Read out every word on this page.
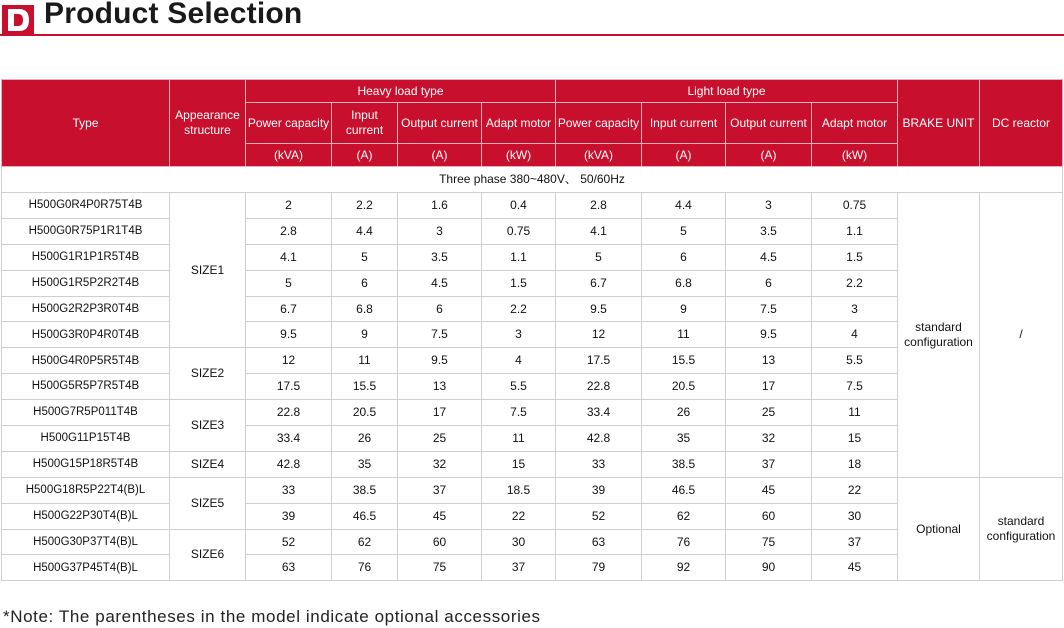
Product Selection
Type	Appearance structure	Heavy load type				Light load type				BRAKE UNIT	DC reactor
		Power capacity	Input current	Output current	Adapt motor	Power capacity	Input current	Output current	Adapt motor		
		(kVA)	(A)	(A)	(kW)	(kVA)	(A)	(A)	(kW)		
Three phase 380~480V、 50/60Hz											
H500G0R4P0R75T4B	SIZE1	2	2.2	1.6	0.4	2.8	4.4	3	0.75	standard configuration	/
H500G0R75P1R1T4B		2.8	4.4	3	0.75	4.1	5	3.5	1.1		
H500G1R1P1R5T4B		4.1	5	3.5	1.1	5	6	4.5	1.5		
H500G1R5P2R2T4B		5	6	4.5	1.5	6.7	6.8	6	2.2		
H500G2R2P3R0T4B		6.7	6.8	6	2.2	9.5	9	7.5	3		
H500G3R0P4R0T4B		9.5	9	7.5	3	12	11	9.5	4		
H500G4R0P5R5T4B	SIZE2	12	11	9.5	4	17.5	15.5	13	5.5		
H500G5R5P7R5T4B		17.5	15.5	13	5.5	22.8	20.5	17	7.5		
H500G7R5P011T4B	SIZE3	22.8	20.5	17	7.5	33.4	26	25	11		
H500G11P15T4B		33.4	26	25	11	42.8	35	32	15		
H500G15P18R5T4B	SIZE4	42.8	35	32	15	33	38.5	37	18		
H500G18R5P22T4(B)L	SIZE5	33	38.5	37	18.5	39	46.5	45	22	Optional	standard configuration
H500G22P30T4(B)L		39	46.5	45	22	52	62	60	30		
H500G30P37T4(B)L	SIZE6	52	62	60	30	63	76	75	37		
H500G37P45T4(B)L		63	76	75	37	79	92	90	45		
*Note: The parentheses in the model indicate optional accessories
